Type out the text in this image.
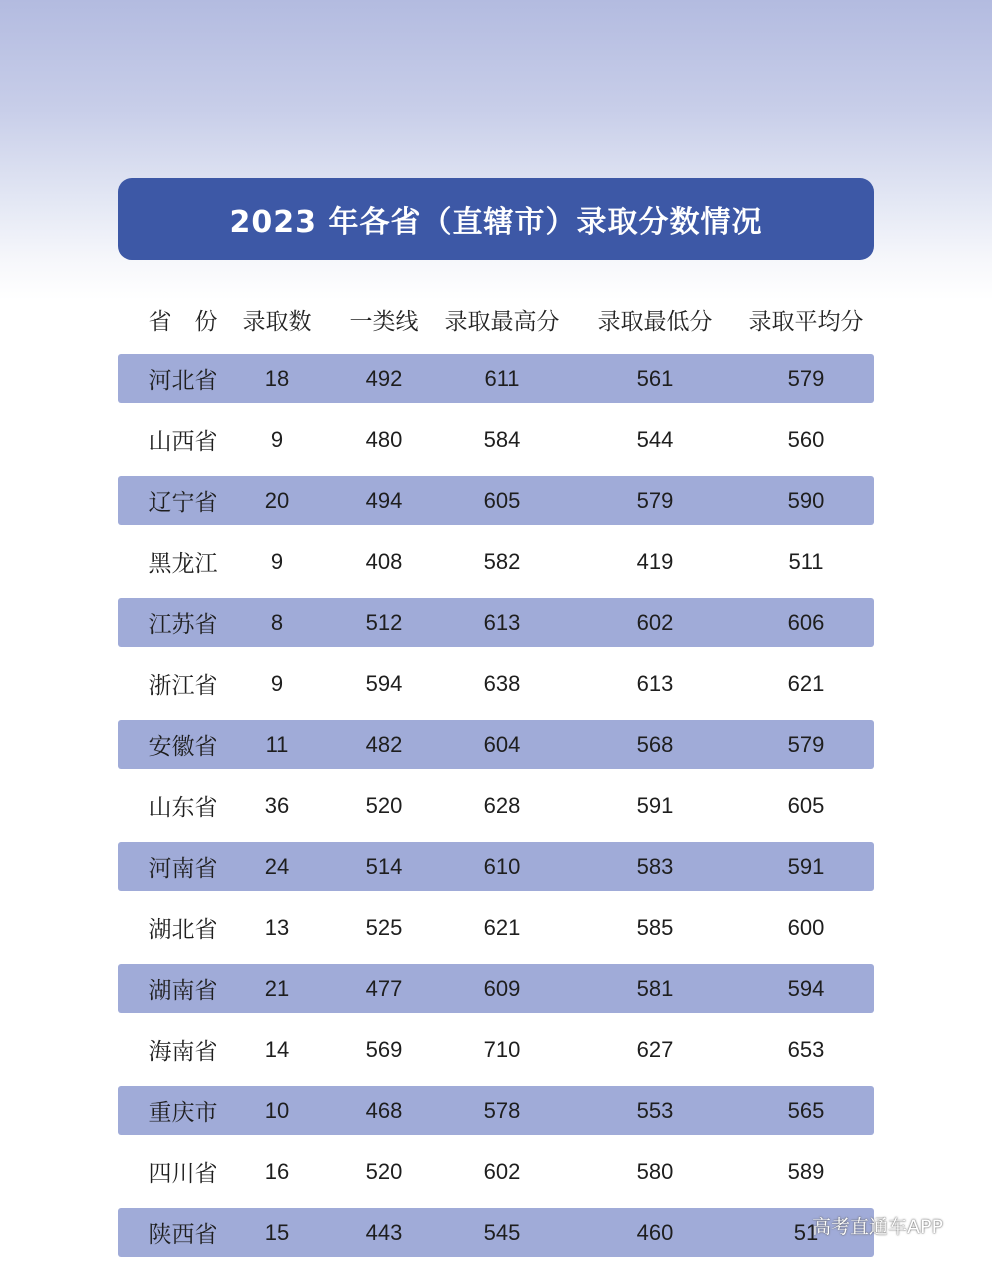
2023 年各省（直辖市）录取分数情况
省　份 录取数 一类线 录取最高分 录取最低分 录取平均分
河北省 18	492	611	561	579
山西省 9	480	584	544	560
辽宁省 20	494	605	579	590
黑龙江 9	408	582	419	511
江苏省 8	512	613	602	606
浙江省 9	594	638	613	621
安徽省 11	482	604	568	579
山东省 36	520	628	591	605
河南省 24	514	610	583	591
湖北省 13	525	621	585	600
湖南省 21	477	609	581	594
海南省 14	569	710	627	653
重庆市 10	468	578	553	565
四川省 16	520	602	580	589
陕西省 15	443	545	460	51
高考直通车APP
